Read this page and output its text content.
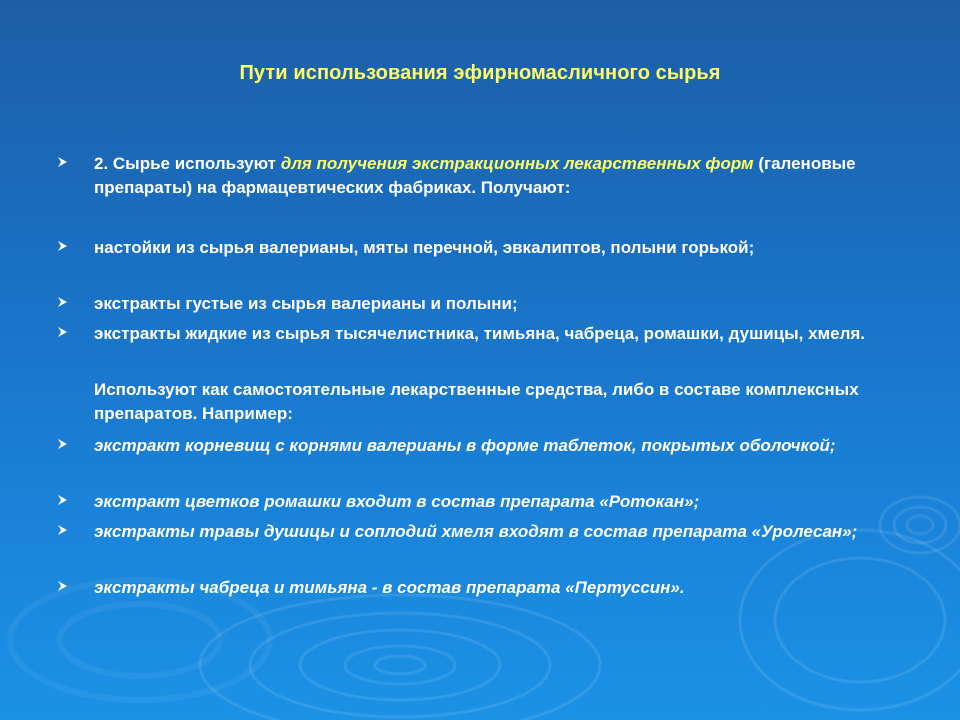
Пути использования эфирномасличного сырья
2. Сырье используют для получения экстракционных лекарственных форм (галеновые препараты) на фармацевтических фабриках. Получают:
настойки из сырья валерианы, мяты перечной, эвкалиптов, полыни горькой;
экстракты густые из сырья валерианы и полыни;
экстракты жидкие из сырья тысячелистника, тимьяна, чабреца, ромашки, душицы, хмеля.
Используют как самостоятельные лекарственные средства, либо в составе комплексных препаратов. Например:
экстракт корневищ с корнями валерианы в форме таблеток, покрытых оболочкой;
экстракт цветков ромашки входит в состав препарата «Ротокан»;
экстракты травы душицы и соплодий хмеля входят в состав препарата «Уролесан»;
экстракты чабреца и тимьяна - в состав препарата «Пертуссин».
